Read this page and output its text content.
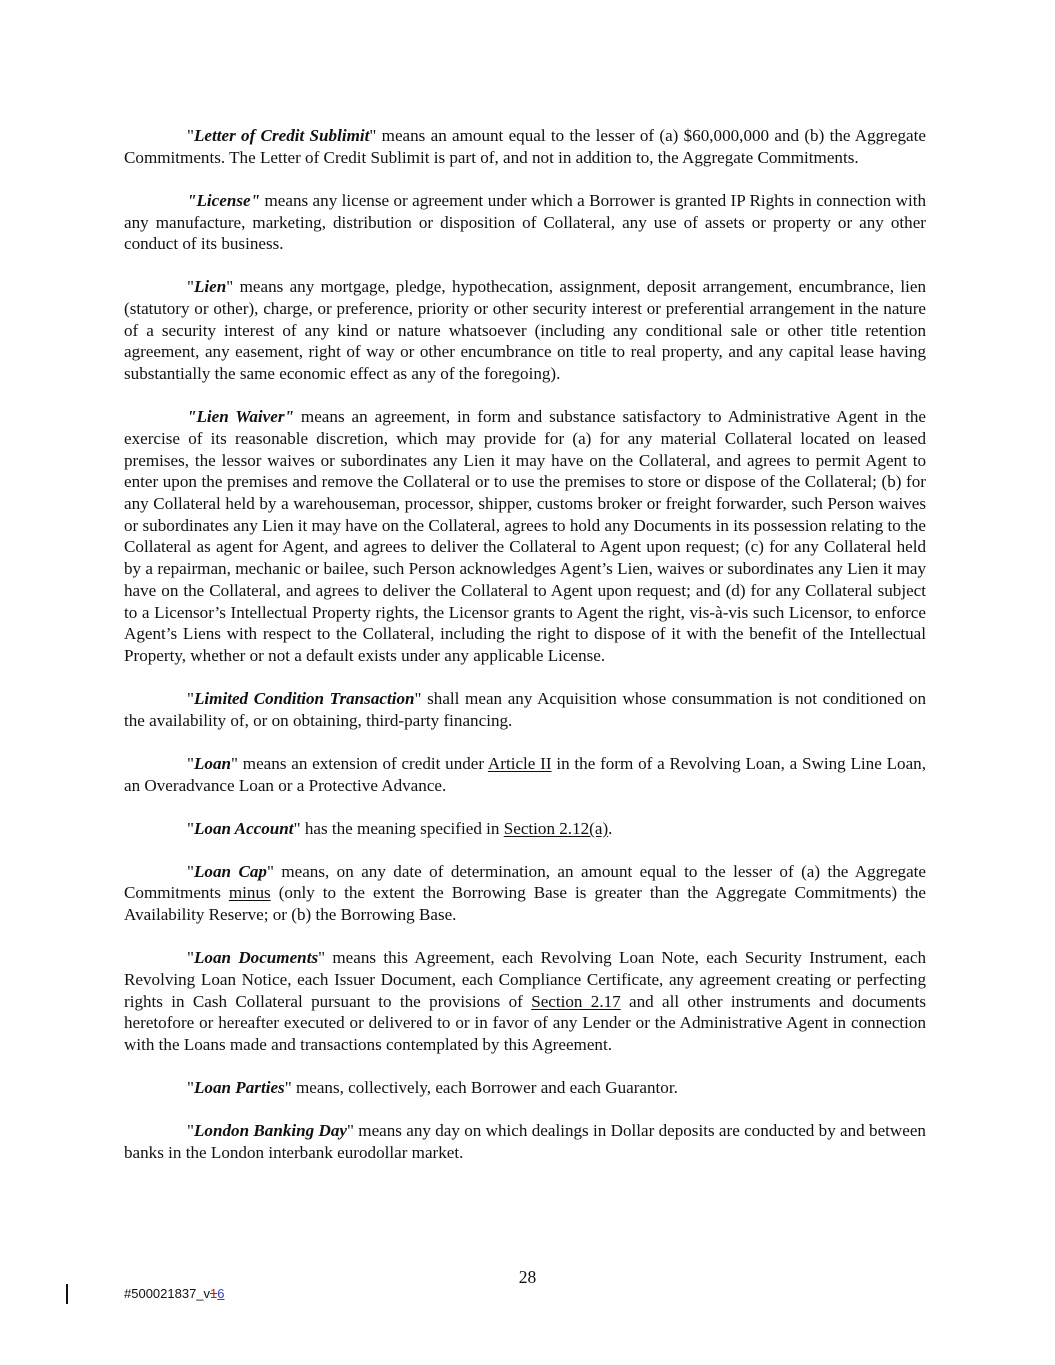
"Letter of Credit Sublimit" means an amount equal to the lesser of (a) $60,000,000 and (b) the Aggregate Commitments. The Letter of Credit Sublimit is part of, and not in addition to, the Aggregate Commitments.

"License" means any license or agreement under which a Borrower is granted IP Rights in connection with any manufacture, marketing, distribution or disposition of Collateral, any use of assets or property or any other conduct of its business.

"Lien" means any mortgage, pledge, hypothecation, assignment, deposit arrangement, encumbrance, lien (statutory or other), charge, or preference, priority or other security interest or preferential arrangement in the nature of a security interest of any kind or nature whatsoever (including any conditional sale or other title retention agreement, any easement, right of way or other encumbrance on title to real property, and any capital lease having substantially the same economic effect as any of the foregoing).

"Lien Waiver" means an agreement, in form and substance satisfactory to Administrative Agent in the exercise of its reasonable discretion, which may provide for (a) for any material Collateral located on leased premises, the lessor waives or subordinates any Lien it may have on the Collateral, and agrees to permit Agent to enter upon the premises and remove the Collateral or to use the premises to store or dispose of the Collateral; (b) for any Collateral held by a warehouseman, processor, shipper, customs broker or freight forwarder, such Person waives or subordinates any Lien it may have on the Collateral, agrees to hold any Documents in its possession relating to the Collateral as agent for Agent, and agrees to deliver the Collateral to Agent upon request; (c) for any Collateral held by a repairman, mechanic or bailee, such Person acknowledges Agent’s Lien, waives or subordinates any Lien it may have on the Collateral, and agrees to deliver the Collateral to Agent upon request; and (d) for any Collateral subject to a Licensor’s Intellectual Property rights, the Licensor grants to Agent the right, vis-à-vis such Licensor, to enforce Agent’s Liens with respect to the Collateral, including the right to dispose of it with the benefit of the Intellectual Property, whether or not a default exists under any applicable License.

"Limited Condition Transaction" shall mean any Acquisition whose consummation is not conditioned on the availability of, or on obtaining, third-party financing.

"Loan" means an extension of credit under Article II in the form of a Revolving Loan, a Swing Line Loan, an Overadvance Loan or a Protective Advance.

"Loan Account" has the meaning specified in Section 2.12(a).

"Loan Cap" means, on any date of determination, an amount equal to the lesser of (a) the Aggregate Commitments minus (only to the extent the Borrowing Base is greater than the Aggregate Commitments) the Availability Reserve; or (b) the Borrowing Base.

"Loan Documents" means this Agreement, each Revolving Loan Note, each Security Instrument, each Revolving Loan Notice, each Issuer Document, each Compliance Certificate, any agreement creating or perfecting rights in Cash Collateral pursuant to the provisions of Section 2.17 and all other instruments and documents heretofore or hereafter executed or delivered to or in favor of any Lender or the Administrative Agent in connection with the Loans made and transactions contemplated by this Agreement.

"Loan Parties" means, collectively, each Borrower and each Guarantor.

"London Banking Day" means any day on which dealings in Dollar deposits are conducted by and between banks in the London interbank eurodollar market.

28
#500021837_v16
